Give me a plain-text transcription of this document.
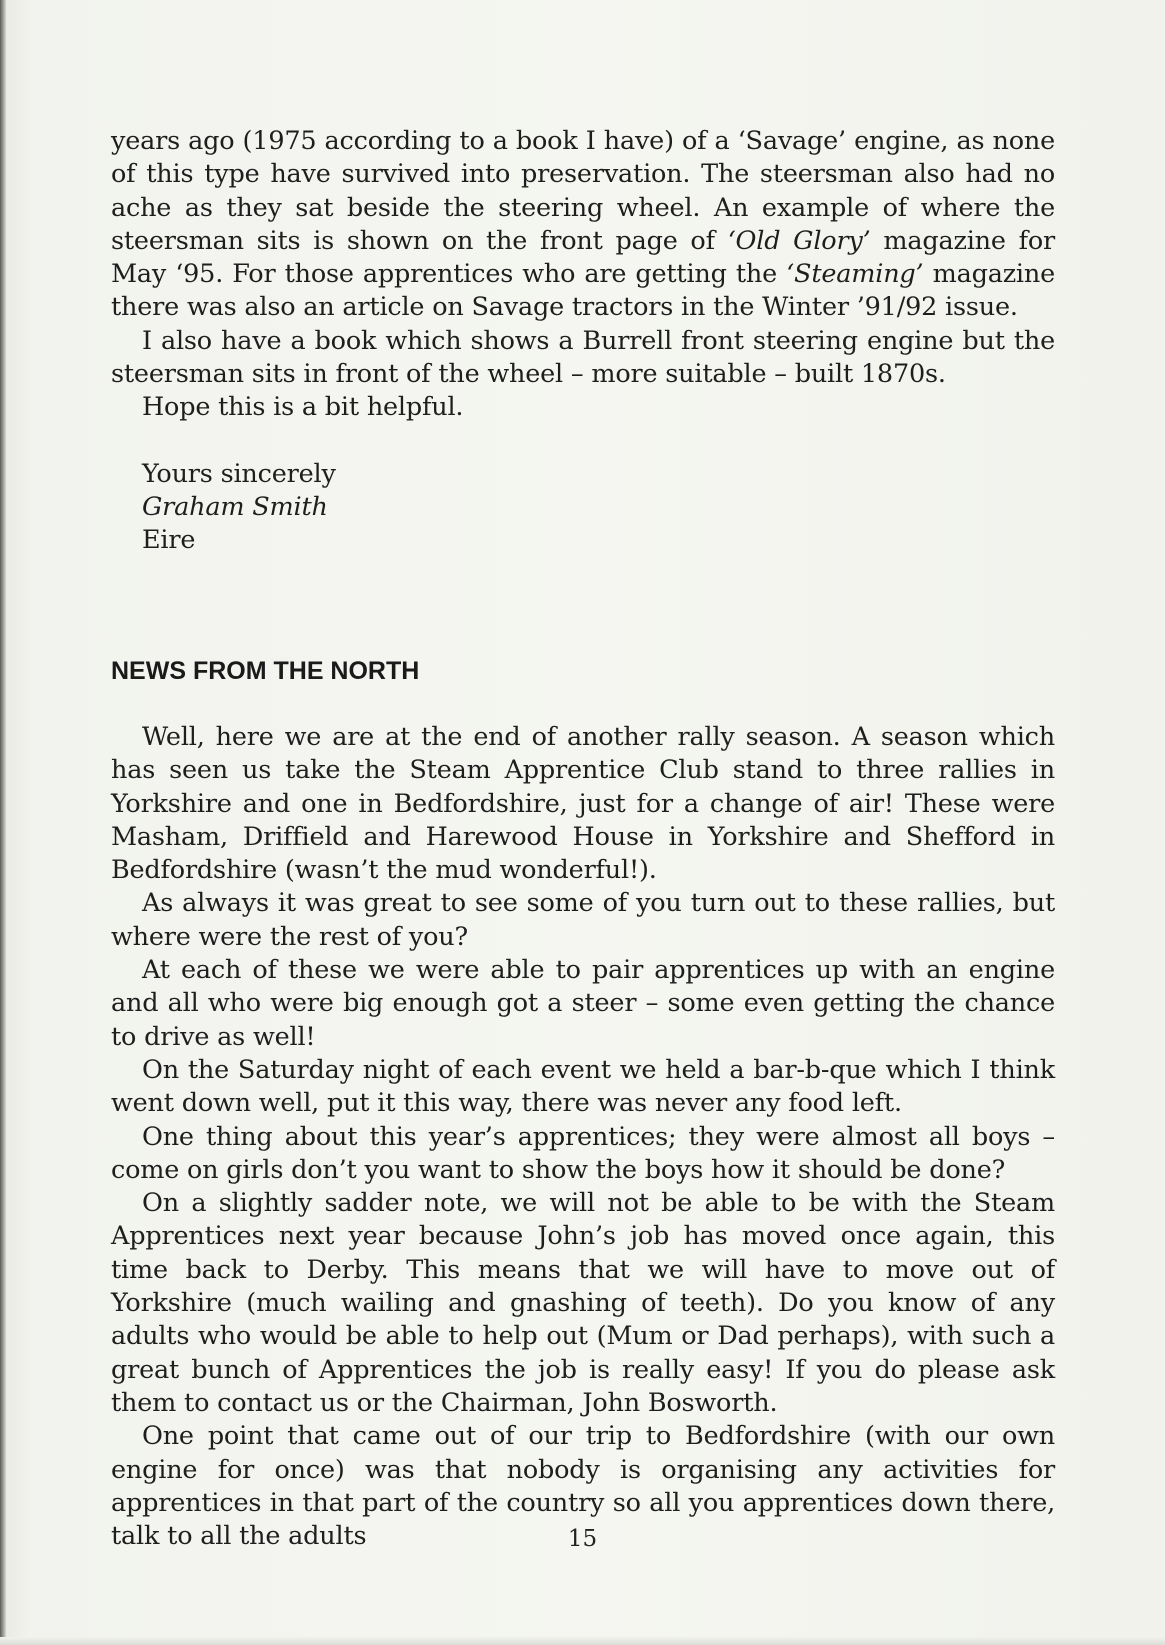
years ago (1975 according to a book I have) of a ‘Savage’ engine, as none of this type have survived into preservation. The steersman also had no ache as they sat beside the steering wheel. An example of where the steersman sits is shown on the front page of ‘Old Glory’ magazine for May ‘95. For those apprentices who are getting the ‘Steaming’ magazine there was also an article on Savage tractors in the Winter ’91/92 issue.

I also have a book which shows a Burrell front steering engine but the steersman sits in front of the wheel – more suitable – built 1870s.

Hope this is a bit helpful.

Yours sincerely
Graham Smith
Eire
NEWS FROM THE NORTH

Well, here we are at the end of another rally season. A season which has seen us take the Steam Apprentice Club stand to three rallies in Yorkshire and one in Bedfordshire, just for a change of air! These were Masham, Driffield and Harewood House in Yorkshire and Shefford in Bedfordshire (wasn’t the mud wonderful!).

As always it was great to see some of you turn out to these rallies, but where were the rest of you?

At each of these we were able to pair apprentices up with an engine and all who were big enough got a steer – some even getting the chance to drive as well!

On the Saturday night of each event we held a bar-b-que which I think went down well, put it this way, there was never any food left.

One thing about this year’s apprentices; they were almost all boys – come on girls don’t you want to show the boys how it should be done?

On a slightly sadder note, we will not be able to be with the Steam Apprentices next year because John’s job has moved once again, this time back to Derby. This means that we will have to move out of Yorkshire (much wailing and gnashing of teeth). Do you know of any adults who would be able to help out (Mum or Dad perhaps), with such a great bunch of Apprentices the job is really easy! If you do please ask them to contact us or the Chairman, John Bosworth.

One point that came out of our trip to Bedfordshire (with our own engine for once) was that nobody is organising any activities for apprentices in that part of the country so all you apprentices down there, talk to all the adults	15
